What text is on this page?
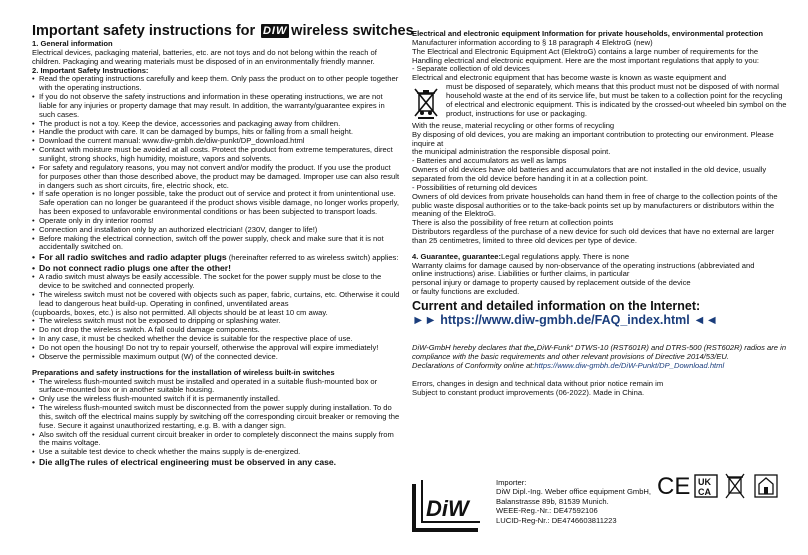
Important safety instructions for DIW wireless switches
1. General information
Electrical devices, packaging material, batteries, etc. are not toys and do not belong within the reach of children. Packaging and wearing materials must be disposed of in an environmentally friendly manner.
2. Important Safety Instructions:
• Read the operating instructions carefully and keep them. Only pass the product on to other people together with the operating instructions.
• If you do not observe the safety instructions and information in these operating instructions, we are not liable for any injuries or property damage that may result. In addition, the warranty/guarantee expires in such cases.
• The product is not a toy. Keep the device, accessories and packaging away from children.
• Handle the product with care. It can be damaged by bumps, hits or falling from a small height.
• Download the current manual: www.diw-gmbh.de/diw-punkt/DP_download.html
• Contact with moisture must be avoided at all costs. Protect the product from extreme temperatures, direct sunlight, strong shocks, high humidity, moisture, vapors and solvents.
• For safety and regulatory reasons, you may not convert and/or modify the product. If you use the product for purposes other than those described above, the product may be damaged. Improper use can also result in dangers such as short circuits, fire, electric shock, etc.
• If safe operation is no longer possible, take the product out of service and protect it from unintentional use. Safe operation can no longer be guaranteed if the product shows visible damage, no longer works properly, has been exposed to unfavorable environmental conditions or has been subjected to transport loads.
• Operate only in dry interior rooms!
• Connection and installation only by an authorized electrician! (230V, danger to life!)
• Before making the electrical connection, switch off the power supply, check and make sure that it is not accidentally switched on.
• For all radio switches and radio adapter plugs (hereinafter referred to as wireless switch) applies:
• Do not connect radio plugs one after the other!
• A radio switch must always be easily accessible. The socket for the power supply must be close to the device to be switched and connected properly.
• The wireless switch must not be covered with objects such as paper, fabric, curtains, etc. Otherwise it could lead to dangerous heat build-up. Operating in confined, unventilated areas
(cupboards, boxes, etc.) is also not permitted. All objects should be at least 10 cm away.
• The wireless switch must not be exposed to dripping or splashing water.
• Do not drop the wireless switch. A fall could damage components.
• In any case, it must be checked whether the device is suitable for the respective place of use.
• Do not open the housing! Do not try to repair yourself, otherwise the approval will expire immediately!
• Observe the permissible maximum output (W) of the connected device.
Preparations and safety instructions for the installation of wireless built-in switches
• The wireless flush-mounted switch must be installed and operated in a suitable flush-mounted box or surface-mounted box or in another suitable housing.
• Only use the wireless flush-mounted switch if it is permanently installed.
• The wireless flush-mounted switch must be disconnected from the power supply during installation. To do this, switch off the electrical mains supply by switching off the corresponding circuit breaker or removing the fuse. Secure it against unauthorized restarting, e.g. B. with a danger sign.
• Also switch off the residual current circuit breaker in order to completely disconnect the mains supply from the mains voltage.
• Use a suitable test device to check whether the mains supply is de-energized.
• Die allgThe rules of electrical engineering must be observed in any case.
Electrical and electronic equipment Information for private households, environmental protection
Manufacturer information according to § 18 paragraph 4 ElektroG (new)
The Electrical and Electronic Equipment Act (ElektroG) contains a large number of requirements for the
Handling electrical and electronic equipment. Here are the most important regulations that apply to you:
- Separate collection of old devices
Electrical and electronic equipment that has become waste is known as waste equipment and
must be disposed of separately, which means that this product must not be disposed of with normal household waste at the end of its service life, but must be taken to a collection point for the recycling of electrical and electronic equipment. This is indicated by the crossed-out wheeled bin symbol on the product, instructions for use or packaging.
With the reuse, material recycling or other forms of recycling
By disposing of old devices, you are making an important contribution to protecting our environment. Please inquire at
the municipal administration the responsible disposal point.
- Batteries and accumulators as well as lamps
Owners of old devices have old batteries and accumulators that are not installed in the old device, usually separated from the old device before handing it in at a collection point.
- Possibilities of returning old devices
Owners of old devices from private households can hand them in free of charge to the collection points of the public waste disposal authorities or to the take-back points set up by manufacturers or distributors within the meaning of the ElektroG.
There is also the possibility of free return at collection points
Distributors regardless of the purchase of a new device for such old devices that have no external are larger than 25 centimetres, limited to three old devices per type of device.
4. Guarantee, guarantee:Legal regulations apply. There is none
Warranty claims for damage caused by non-observance of the operating instructions (abbreviated and
online instructions) arise. Liabilities or further claims, in particular
personal injury or damage to property caused by replacement outside of the device
or faulty functions are excluded.
Current and detailed information on the Internet:
►► https://www.diw-gmbh.de/FAQ_index.html ◄◄
DiW-GmbH hereby declares that the„DiW-Funk“ DTWS-10 (RST601R) and DTRS-500 (RST602R) radios are in compliance with the basic requirements and other relevant provisions of Directive 2014/53/EU.
Declarations of Conformity online at:https://www.diw-gmbh.de/DiW-Punkt/DP_Download.html
Errors, changes in design and technical data without prior notice remain im
Subject to constant product improvements (06-2022). Made in China.
DiW
Importer:
DiW Dipl.-Ing. Weber office equipment GmbH,
Balanstrasse 89b, 81539 Munich.
WEEE-Reg.-Nr.: DE47592106
LUCID-Reg-Nr.: DE4746603811223
CE UK
CA
